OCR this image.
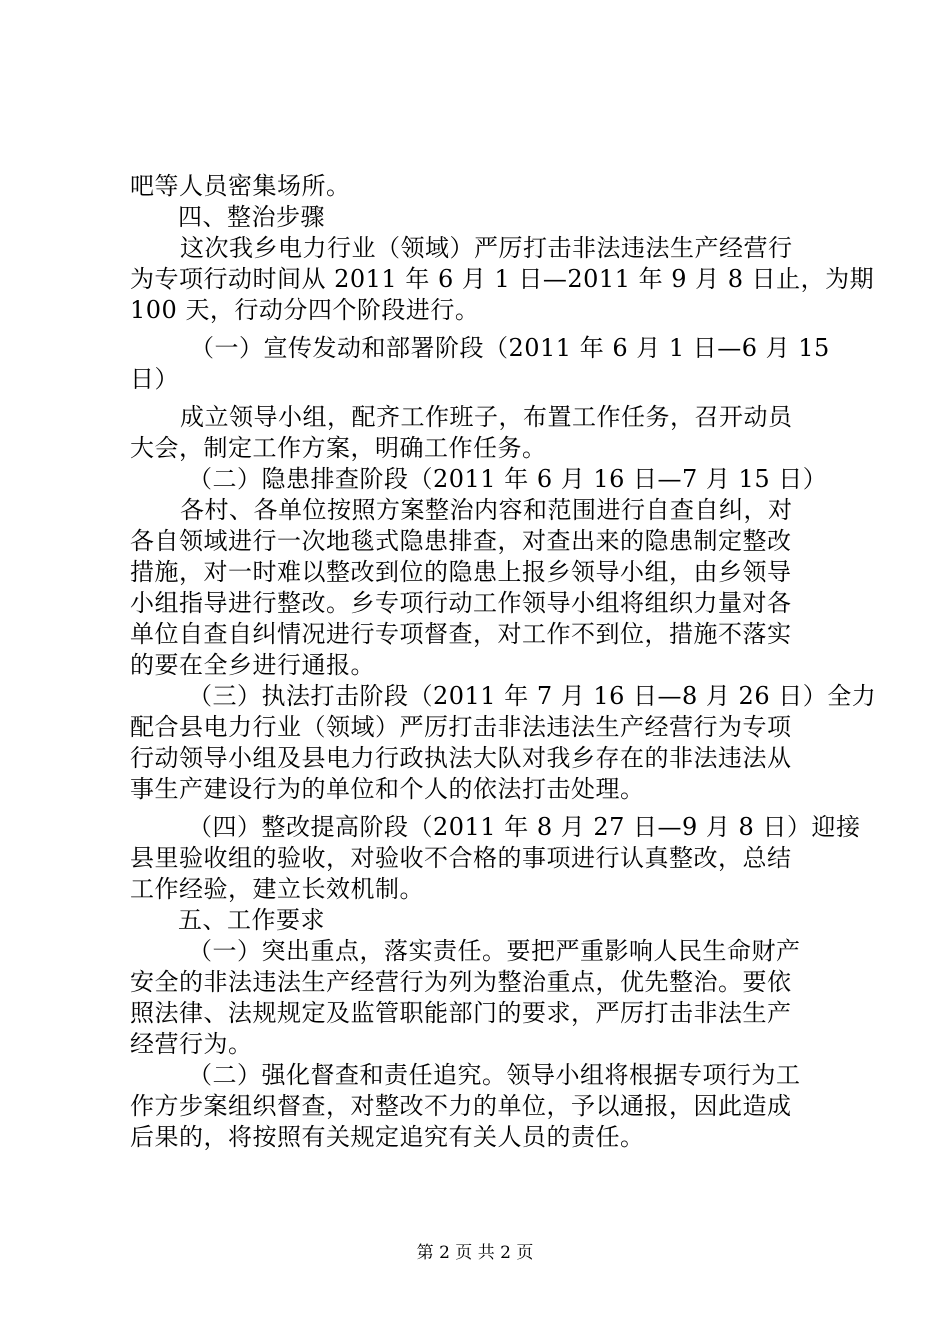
吧等人员密集场所。
四、整治步骤
这次我乡电力行业（领域）严厉打击非法违法生产经营行
为专项行动时间从 2011 年 6 月 1 日—2011 年 9 月 8 日止，为期
100 天，行动分四个阶段进行。
（一）宣传发动和部署阶段（2011 年 6 月 1 日—6 月 15
日）
成立领导小组，配齐工作班子，布置工作任务，召开动员
大会，制定工作方案，明确工作任务。
（二）隐患排查阶段（2011 年 6 月 16 日—7 月 15 日）
各村、各单位按照方案整治内容和范围进行自查自纠，对
各自领域进行一次地毯式隐患排查，对查出来的隐患制定整改
措施，对一时难以整改到位的隐患上报乡领导小组，由乡领导
小组指导进行整改。乡专项行动工作领导小组将组织力量对各
单位自查自纠情况进行专项督查，对工作不到位，措施不落实
的要在全乡进行通报。
（三）执法打击阶段（2011 年 7 月 16 日—8 月 26 日）全力
配合县电力行业（领域）严厉打击非法违法生产经营行为专项
行动领导小组及县电力行政执法大队对我乡存在的非法违法从
事生产建设行为的单位和个人的依法打击处理。
（四）整改提高阶段（2011 年 8 月 27 日—9 月 8 日）迎接
县里验收组的验收，对验收不合格的事项进行认真整改，总结
工作经验，建立长效机制。
五、工作要求
（一）突出重点，落实责任。要把严重影响人民生命财产
安全的非法违法生产经营行为列为整治重点，优先整治。要依
照法律、法规规定及监管职能部门的要求，严厉打击非法生产
经营行为。
（二）强化督查和责任追究。领导小组将根据专项行为工
作方步案组织督查，对整改不力的单位，予以通报，因此造成
后果的，将按照有关规定追究有关人员的责任。
第 2 页 共 2 页
